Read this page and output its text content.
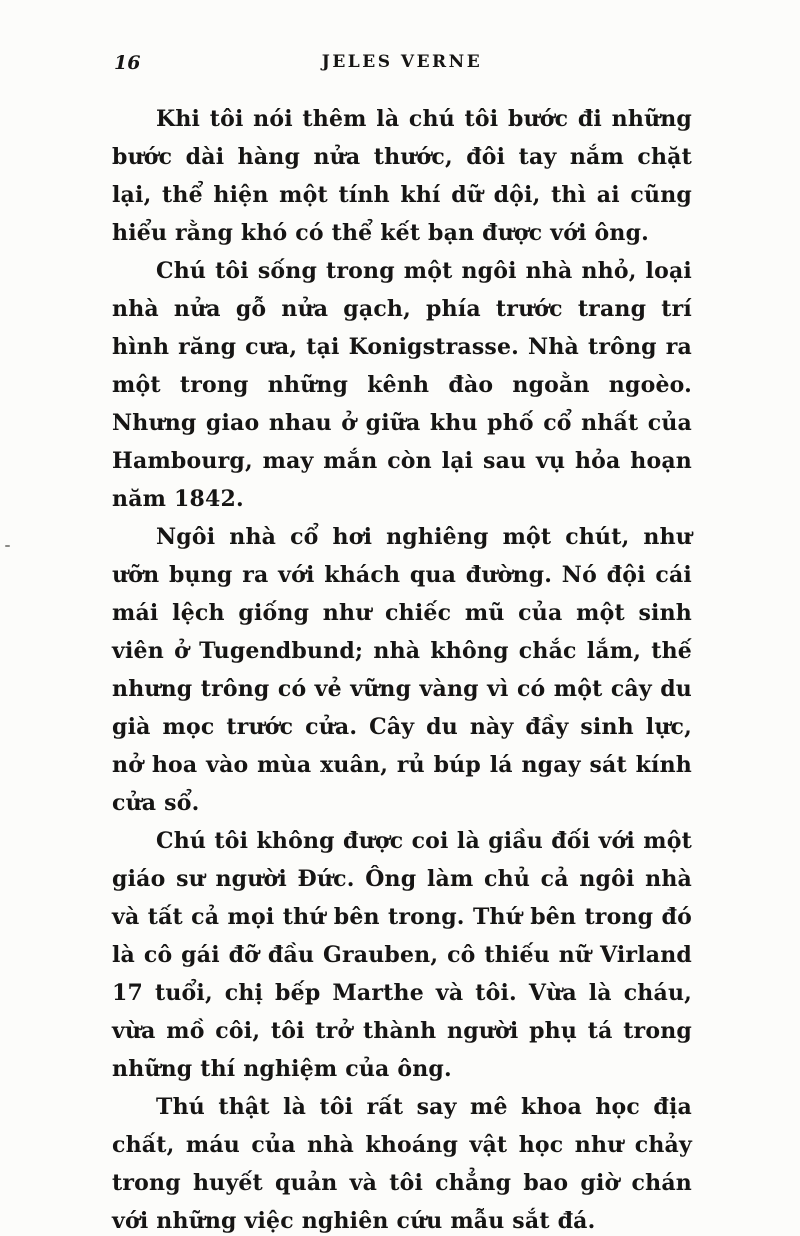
16	JELES VERNE

Khi tôi nói thêm là chú tôi bước đi những bước dài hàng nửa thước, đôi tay nắm chặt lại, thể hiện một tính khí dữ dội, thì ai cũng hiểu rằng khó có thể kết bạn được với ông.

Chú tôi sống trong một ngôi nhà nhỏ, loại nhà nửa gỗ nửa gạch, phía trước trang trí hình răng cưa, tại Konigstrasse. Nhà trông ra một trong những kênh đào ngoằn ngoèo. Nhưng giao nhau ở giữa khu phố cổ nhất của Hambourg, may mắn còn lại sau vụ hỏa hoạn năm 1842.

Ngôi nhà cổ hơi nghiêng một chút, như ưỡn bụng ra với khách qua đường. Nó đội cái mái lệch giống như chiếc mũ của một sinh viên ở Tugendbund; nhà không chắc lắm, thế nhưng trông có vẻ vững vàng vì có một cây du già mọc trước cửa. Cây du này đầy sinh lực, nở hoa vào mùa xuân, rủ búp lá ngay sát kính cửa sổ.

Chú tôi không được coi là giầu đối với một giáo sư người Đức. Ông làm chủ cả ngôi nhà và tất cả mọi thứ bên trong. Thứ bên trong đó là cô gái đỡ đầu Grauben, cô thiếu nữ Virland 17 tuổi, chị bếp Marthe và tôi. Vừa là cháu, vừa mồ côi, tôi trở thành người phụ tá trong những thí nghiệm của ông.

Thú thật là tôi rất say mê khoa học địa chất, máu của nhà khoáng vật học như chảy trong huyết quản và tôi chẳng bao giờ chán với những việc nghiên cứu mẫu sắt đá.
